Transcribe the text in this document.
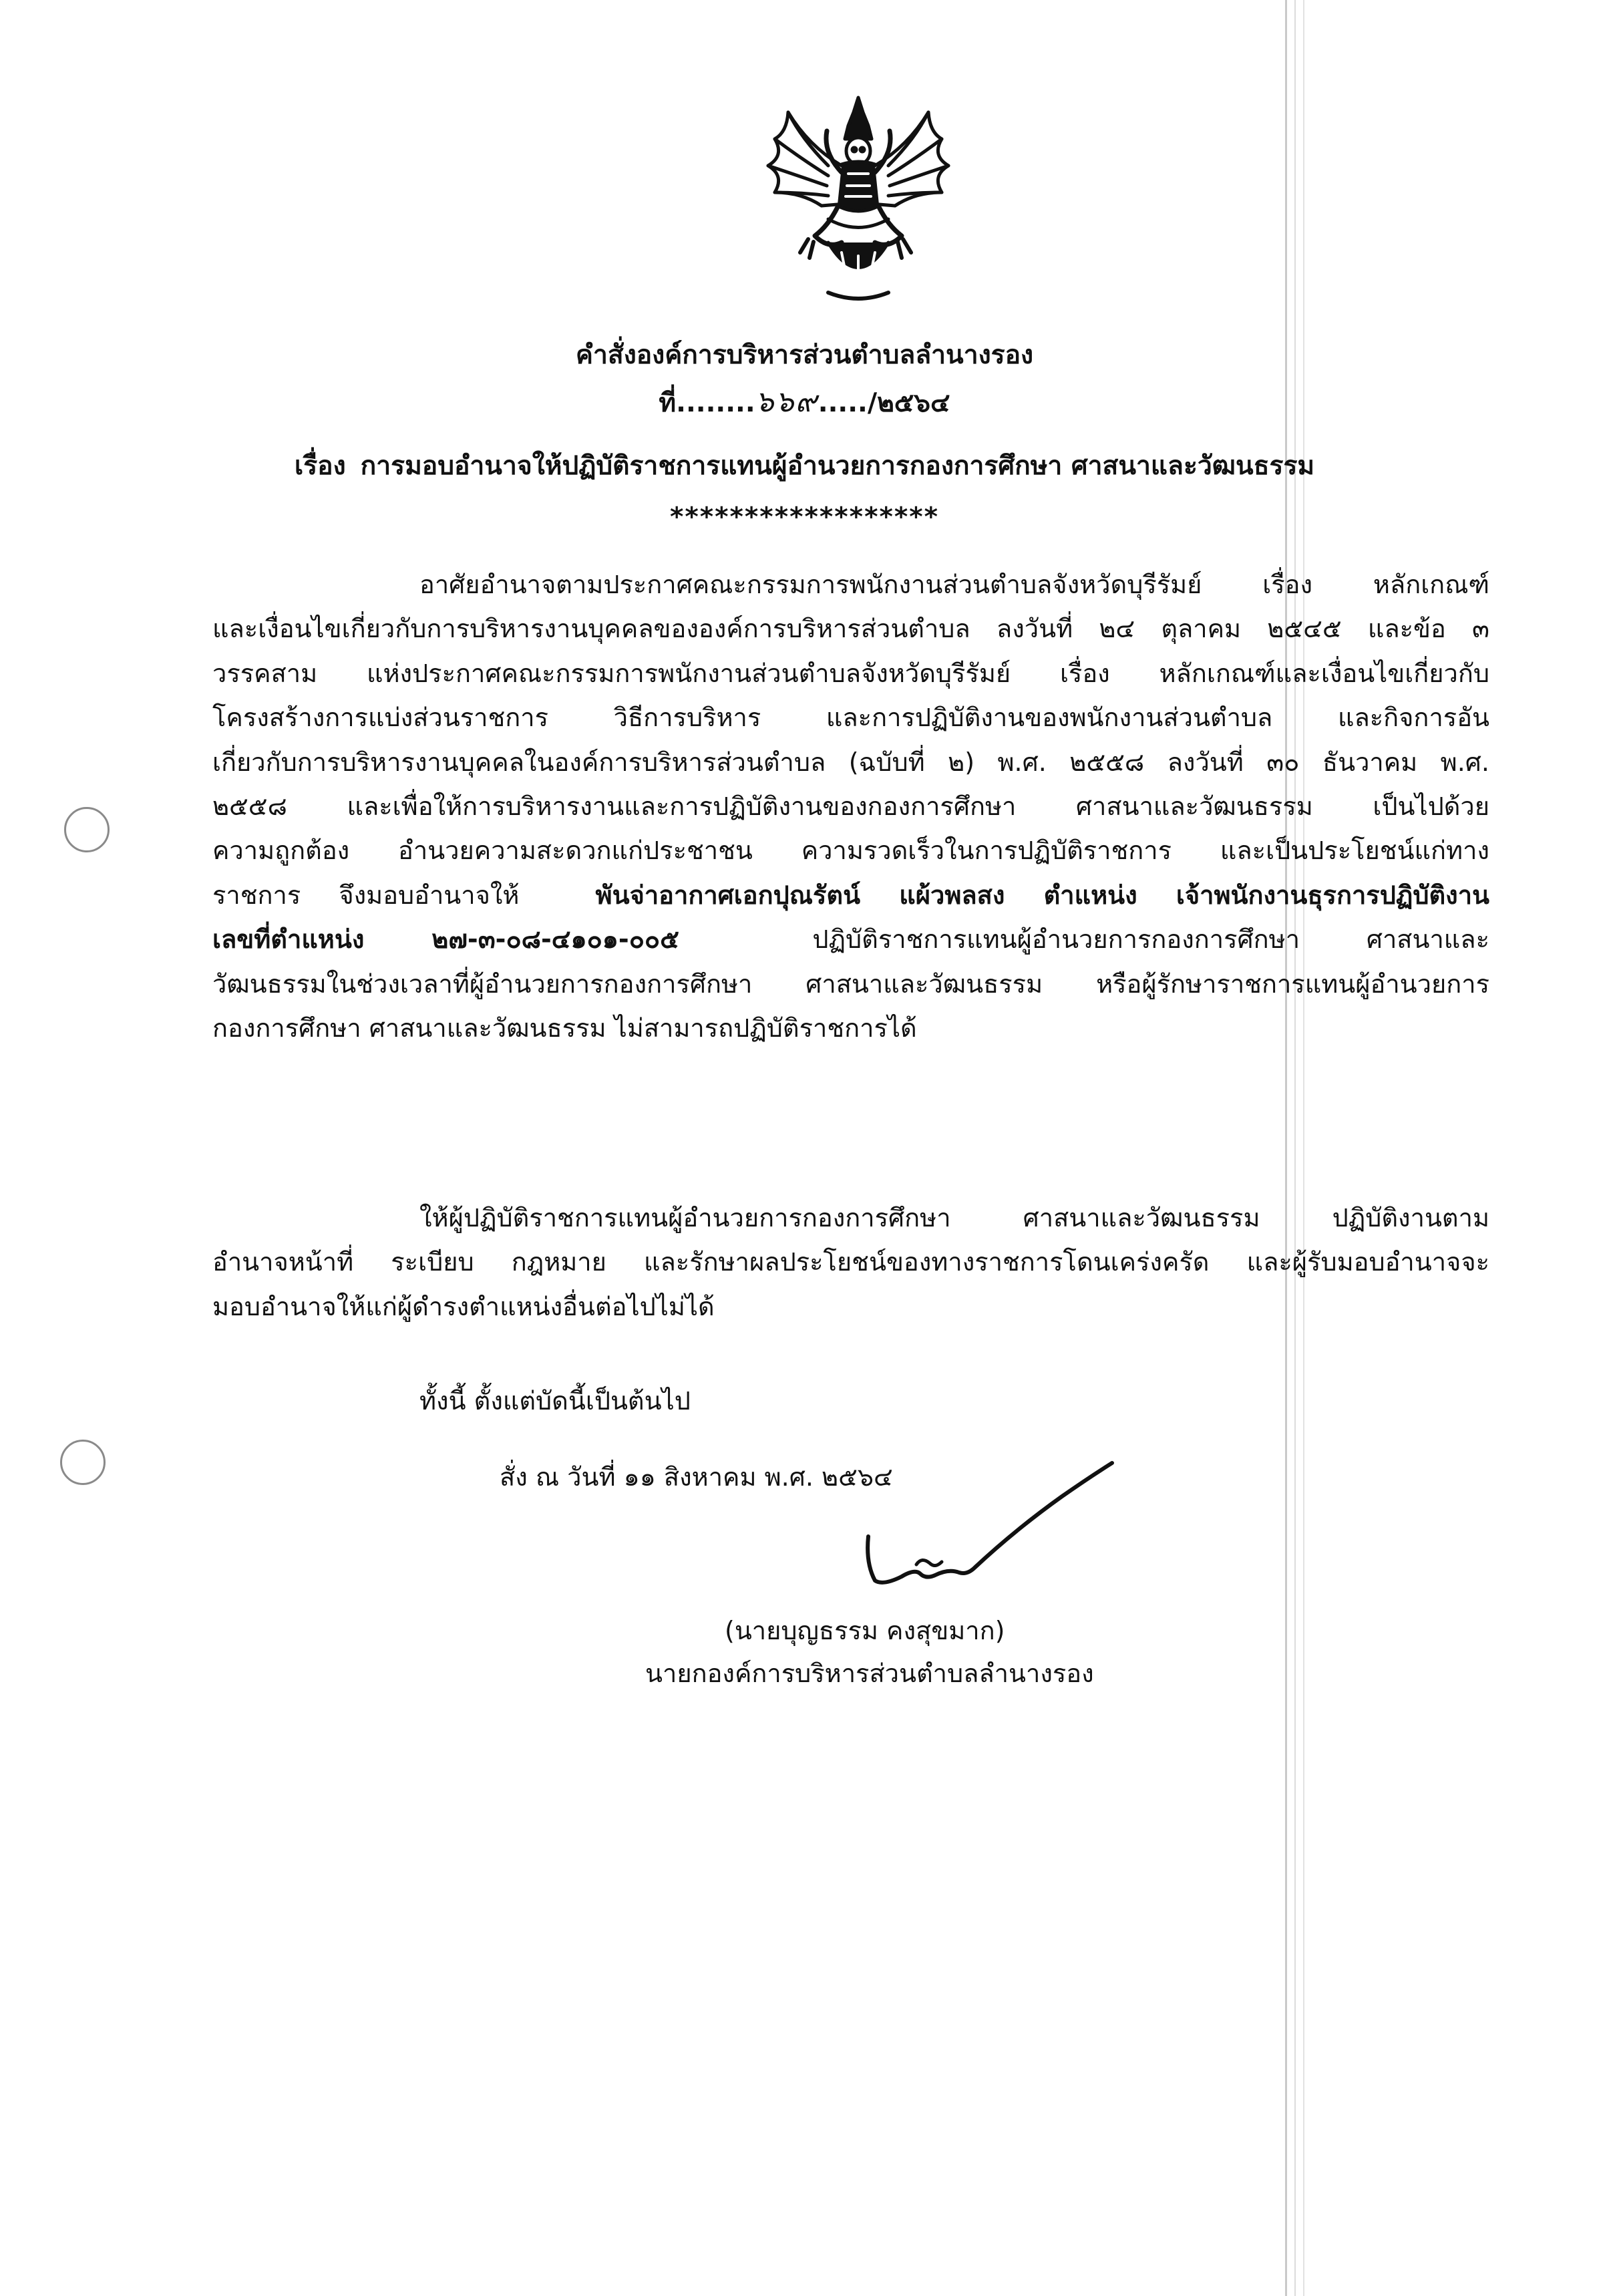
คำสั่งองค์การบริหารส่วนตำบลลำนางรอง
ที่........๖๖๙...../๒๕๖๔
เรื่อง การมอบอำนาจให้ปฏิบัติราชการแทนผู้อำนวยการกองการศึกษา ศาสนาและวัฒนธรรม
******************
อาศัยอำนาจตามประกาศคณะกรรมการพนักงานส่วนตำบลจังหวัดบุรีรัมย์ เรื่อง หลักเกณฑ์
และเงื่อนไขเกี่ยวกับการบริหารงานบุคคลขององค์การบริหารส่วนตำบล ลงวันที่ ๒๔ ตุลาคม ๒๕๔๕ และข้อ ๓
วรรคสาม แห่งประกาศคณะกรรมการพนักงานส่วนตำบลจังหวัดบุรีรัมย์ เรื่อง หลักเกณฑ์และเงื่อนไขเกี่ยวกับ
โครงสร้างการแบ่งส่วนราชการ วิธีการบริหาร และการปฏิบัติงานของพนักงานส่วนตำบล และกิจการอัน
เกี่ยวกับการบริหารงานบุคคลในองค์การบริหารส่วนตำบล (ฉบับที่ ๒) พ.ศ. ๒๕๕๘ ลงวันที่ ๓๐ ธันวาคม พ.ศ.
๒๕๕๘ และเพื่อให้การบริหารงานและการปฏิบัติงานของกองการศึกษา ศาสนาและวัฒนธรรม เป็นไปด้วย
ความถูกต้อง อำนวยความสะดวกแก่ประชาชน ความรวดเร็วในการปฏิบัติราชการ และเป็นประโยชน์แก่ทาง
ราชการ จึงมอบอำนาจให้	พันจ่าอากาศเอกปุณรัตน์ แผ้วพลสง ตำแหน่ง เจ้าพนักงานธุรการปฏิบัติงาน
เลขที่ตำแหน่ง ๒๗-๓-๐๘-๔๑๐๑-๐๐๕	ปฏิบัติราชการแทนผู้อำนวยการกองการศึกษา ศาสนาและ
วัฒนธรรมในช่วงเวลาที่ผู้อำนวยการกองการศึกษา ศาสนาและวัฒนธรรม หรือผู้รักษาราชการแทนผู้อำนวยการ
กองการศึกษา ศาสนาและวัฒนธรรม ไม่สามารถปฏิบัติราชการได้
ให้ผู้ปฏิบัติราชการแทนผู้อำนวยการกองการศึกษา ศาสนาและวัฒนธรรม ปฏิบัติงานตาม
อำนาจหน้าที่ ระเบียบ กฎหมาย และรักษาผลประโยชน์ของทางราชการโดนเคร่งครัด และผู้รับมอบอำนาจจะ
มอบอำนาจให้แก่ผู้ดำรงตำแหน่งอื่นต่อไปไม่ได้
ทั้งนี้ ตั้งแต่บัดนี้เป็นต้นไป
สั่ง ณ วันที่ ๑๑ สิงหาคม พ.ศ. ๒๕๖๔
(นายบุญธรรม คงสุขมาก)
นายกองค์การบริหารส่วนตำบลลำนางรอง
